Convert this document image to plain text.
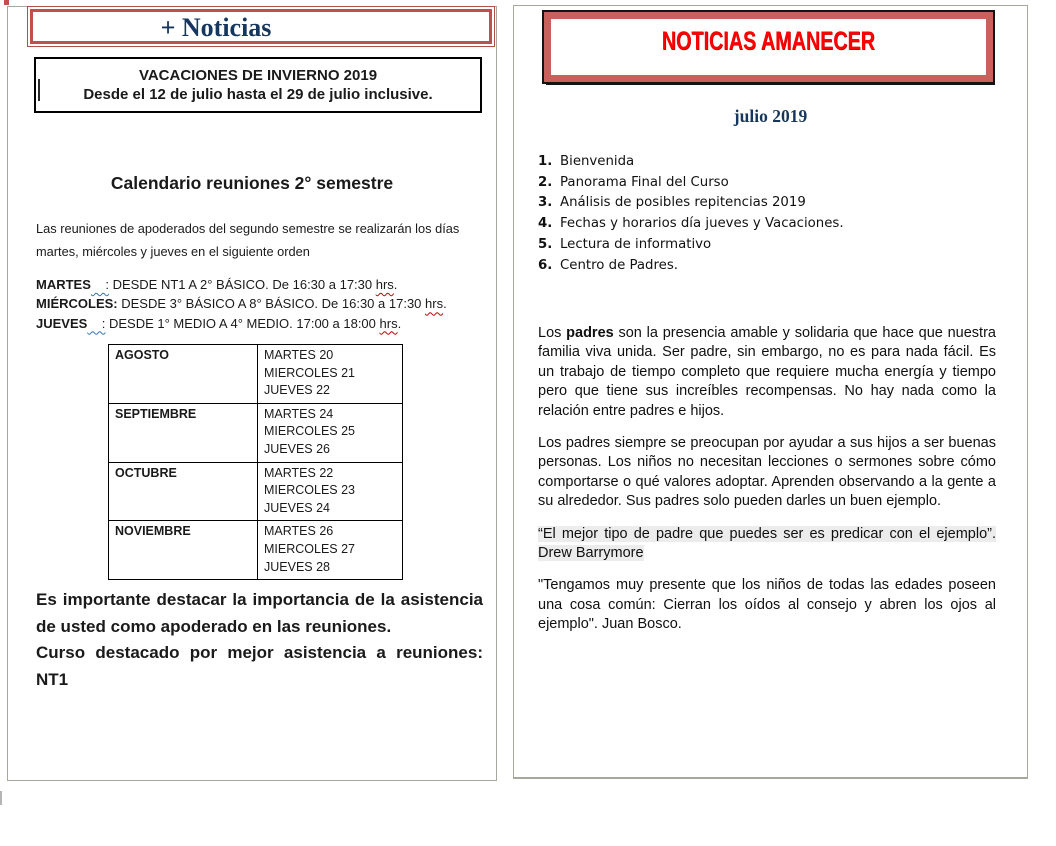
+ Noticias
VACACIONES DE INVIERNO 2019
Desde el 12 de julio hasta el 29 de julio inclusive.
Calendario reuniones 2° semestre
Las reuniones de apoderados del segundo semestre se realizarán los días martes, miércoles y jueves en el siguiente orden
MARTES    : DESDE NT1 A 2° BÁSICO. De 16:30 a 17:30 hrs.
MIÉRCOLES: DESDE 3° BÁSICO A 8° BÁSICO. De 16:30 a 17:30 hrs.
JUEVES    : DESDE 1° MEDIO A 4° MEDIO. 17:00 a 18:00 hrs.
AGOSTO	MARTES 20
MIERCOLES 21
JUEVES 22

SEPTIEMBRE	MARTES 24
MIERCOLES 25
JUEVES 26

OCTUBRE	MARTES 22
MIERCOLES 23
JUEVES 24

NOVIEMBRE	MARTES 26
MIERCOLES 27
JUEVES 28
Es importante destacar la importancia de la asistencia de usted como apoderado en las reuniones.
Curso destacado por mejor asistencia a reuniones: NT1
NOTICIAS AMANECER
julio 2019
1. Bienvenida
2. Panorama Final del Curso
3. Análisis de posibles repitencias 2019
4. Fechas y horarios día jueves y Vacaciones.
5. Lectura de informativo
6. Centro de Padres.

Los padres son la presencia amable y solidaria que hace que nuestra familia viva unida. Ser padre, sin embargo, no es para nada fácil. Es un trabajo de tiempo completo que requiere mucha energía y tiempo pero que tiene sus increíbles recompensas. No hay nada como la relación entre padres e hijos.

Los padres siempre se preocupan por ayudar a sus hijos a ser buenas personas. Los niños no necesitan lecciones o sermones sobre cómo comportarse o qué valores adoptar. Aprenden observando a la gente a su alrededor. Sus padres solo pueden darles un buen ejemplo.

“El mejor tipo de padre que puedes ser es predicar con el ejemplo”. Drew Barrymore

"Tengamos muy presente que los niños de todas las edades poseen una cosa común: Cierran los oídos al consejo y abren los ojos al ejemplo". Juan Bosco.
